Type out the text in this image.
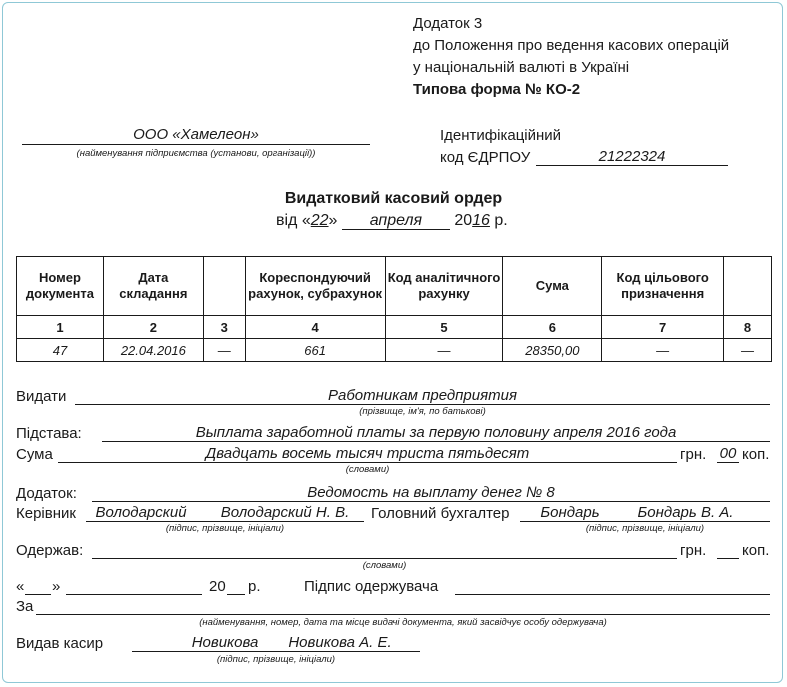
Додаток 3
до Положення про ведення касових операцій
у національній валюті в Україні
Типова форма № КО-2
ООО «Хамелеон»
(найменування підприємства (установи, організації))
Ідентифікаційний
код ЄДРПОУ	21222324
Видатковий касовий ордер
від «22» апреля 2016 р.
Номер документа	Дата складання		Кореспондуючий рахунок, субрахунок	Код аналітичного рахунку	Сума	Код цільового призначення	
1	2	3	4	5	6	7	8
47	22.04.2016	—	661	—	28350,00	—	—
Видати	Работникам предприятия
(прізвище, ім'я, по батькові)
Підстава:	Выплата заработной платы за первую половину апреля 2016 года
Сума	Двадцать восемь тысяч триста пятьдесят	грн. 00 коп.
(словами)
Додаток:	Ведомость на выплату денег № 8
Керівник	Володарский	Володарский Н. В.
(підпис, прізвище, ініціали)
Головний бухгалтер	Бондарь	Бондарь В. А.
(підпис, прізвище, ініціали)
Одержав:	грн. коп.
(словами)
« »	20 р.	Підпис одержувача
За
(найменування, номер, дата та місце видачі документа, який засвідчує особу одержувача)
Видав касир	Новикова	Новикова А. Е.
(підпис, прізвище, ініціали)
